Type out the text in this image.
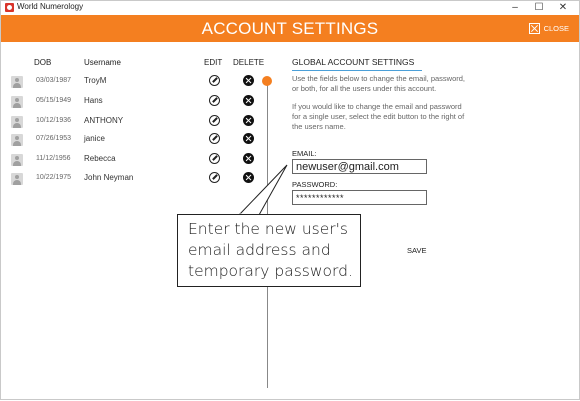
World Numerology	–	☐	✕
ACCOUNT SETTINGS	CLOSE
DOB	Username	EDIT DELETE
03/03/1987 TroyM
05/15/1949 Hans
10/12/1936 ANTHONY
07/26/1953 janice
11/12/1956 Rebecca
10/22/1975 John Neyman
GLOBAL ACCOUNT SETTINGS
Use the fields below to change the email, password,
or both, for all the users under this account.
If you would like to change the email and password
for a single user, select the edit button to the right of
the users name.
EMAIL:
newuser@gmail.com
PASSWORD:
************
SAVE
Enter the new user's
email address and
temporary password.
